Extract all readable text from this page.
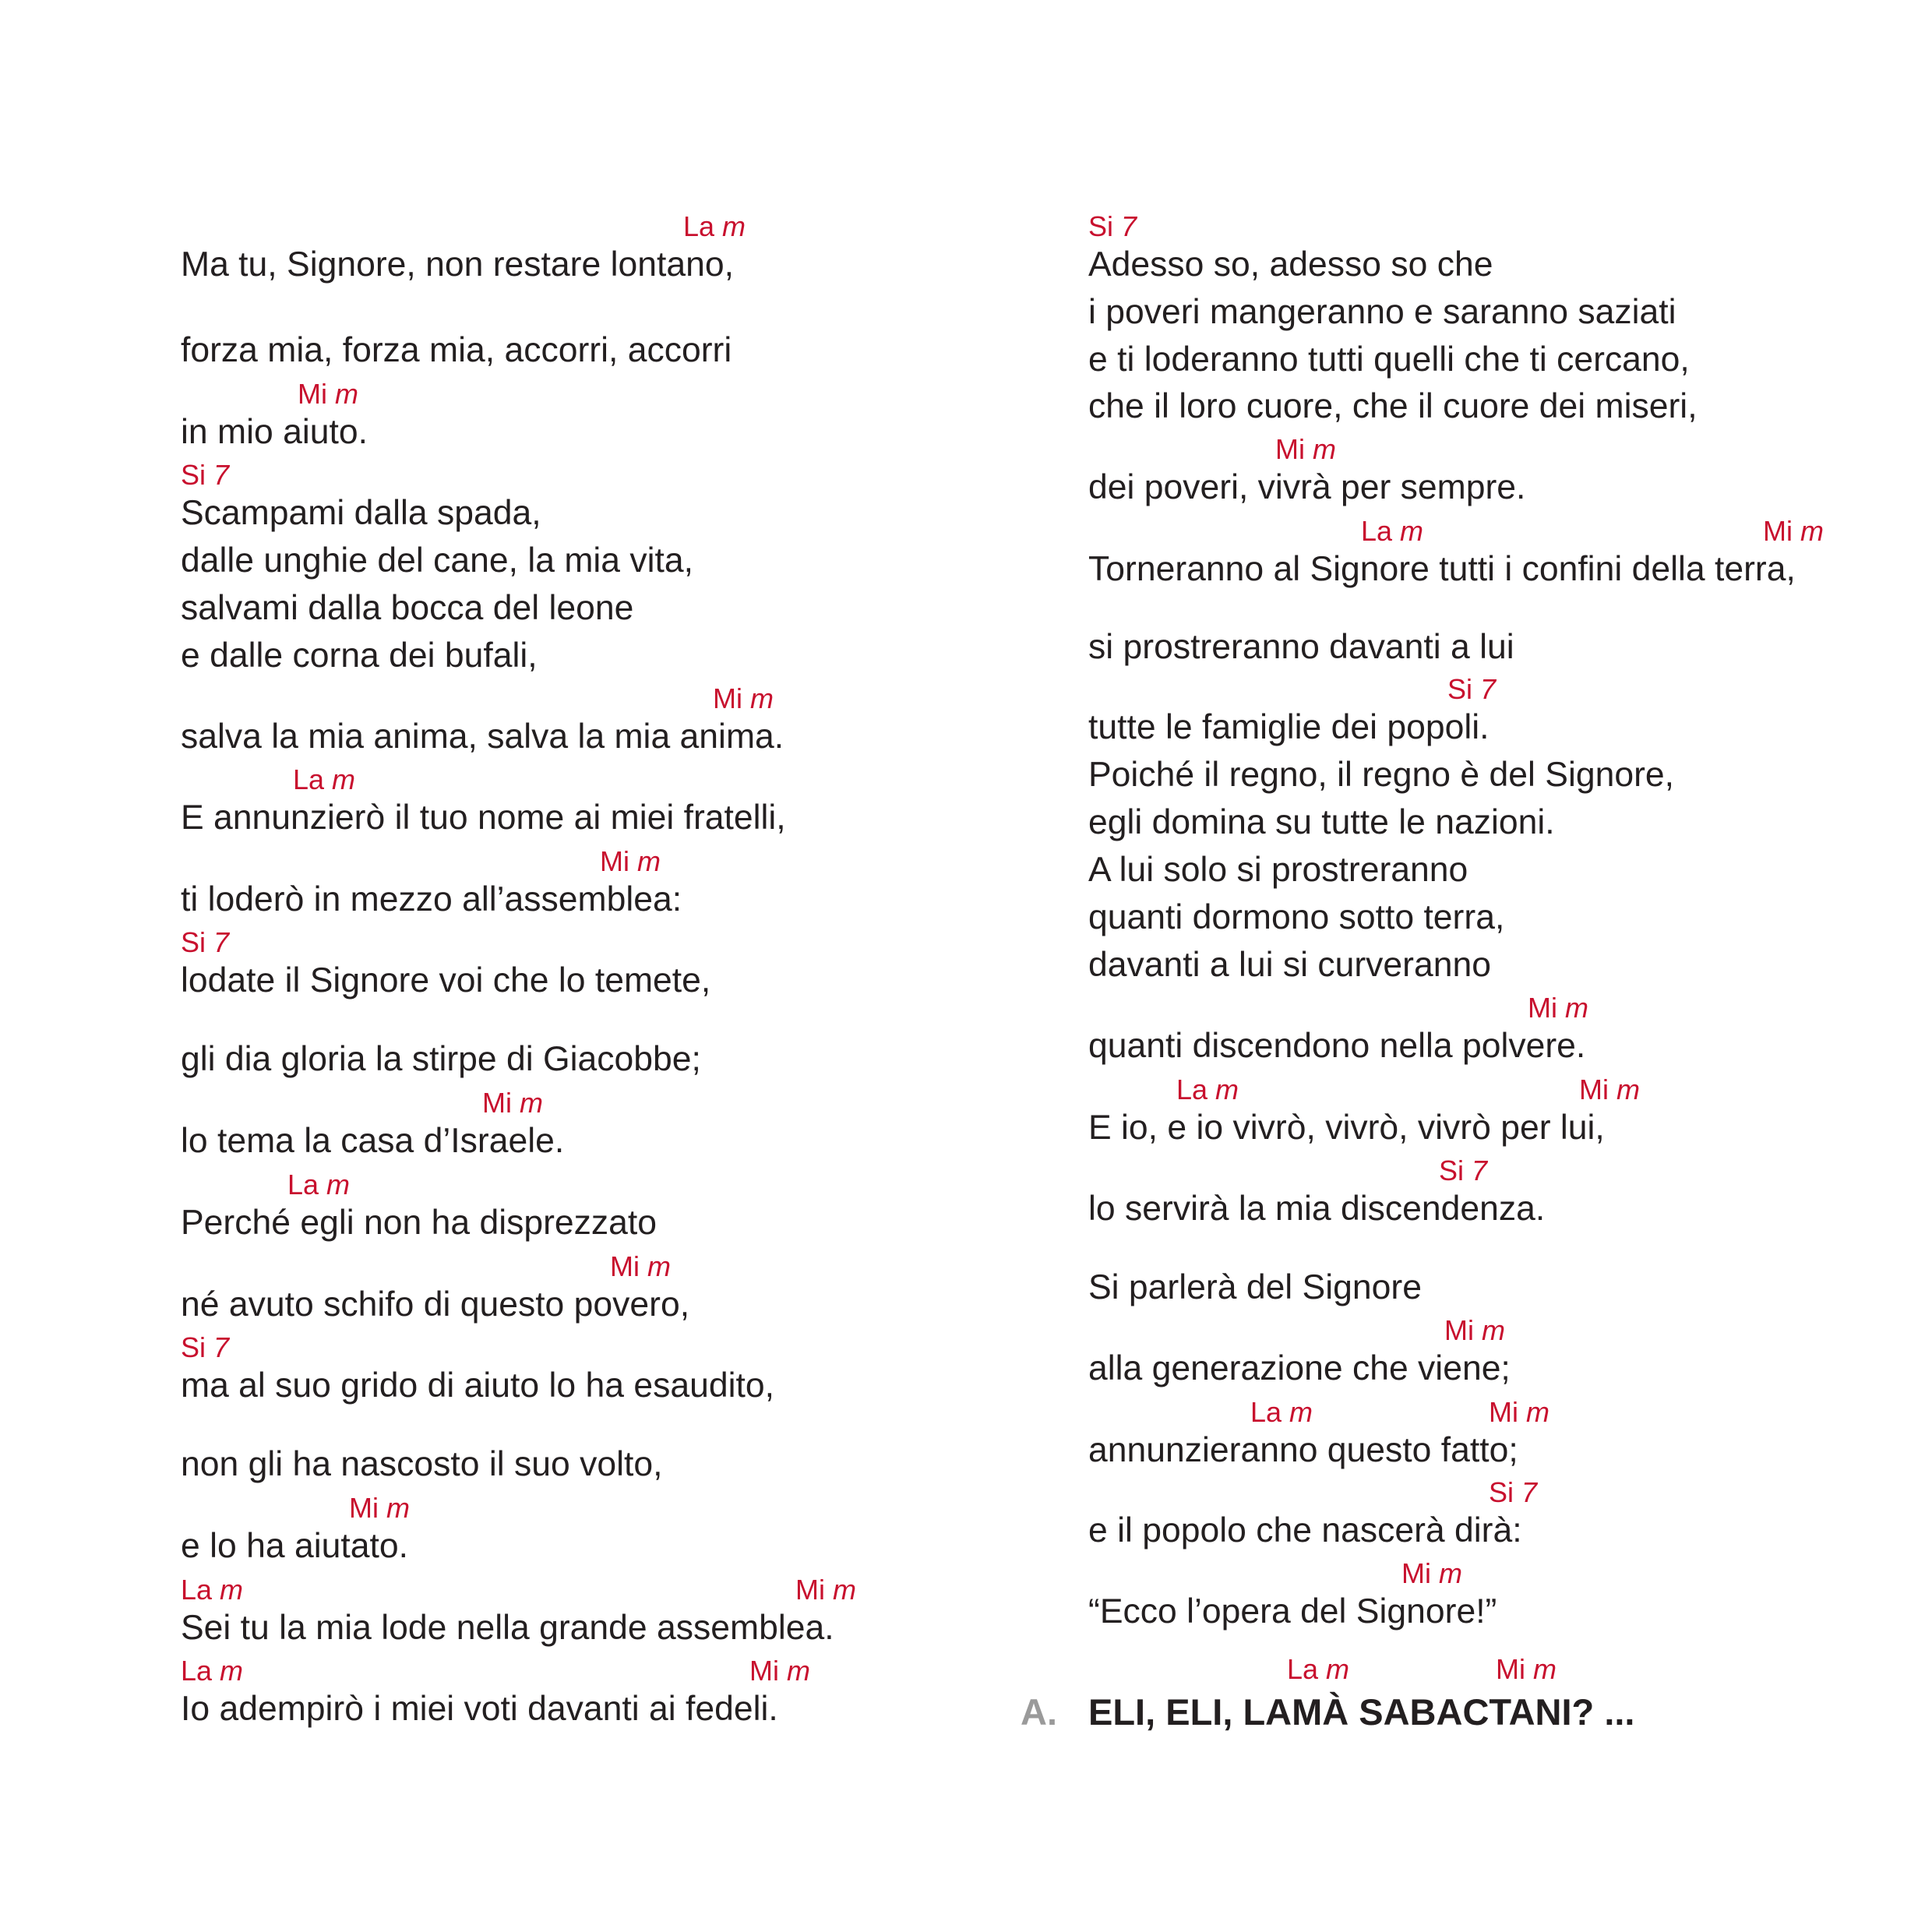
Ma tu, Signore, non restare lontano,
La m
forza mia, forza mia, accorri, accorri
in mio aiuto.
Mi m
Scampami dalla spada,
Si 7
dalle unghie del cane, la mia vita,
salvami dalla bocca del leone
e dalle corna dei bufali,
salva la mia anima, salva la mia anima.
Mi m
E annunzierò il tuo nome ai miei fratelli,
La m
ti loderò in mezzo all’assemblea:
Mi m
lodate il Signore voi che lo temete,
Si 7
gli dia gloria la stirpe di Giacobbe;
lo tema la casa d’Israele.
Mi m
Perché egli non ha disprezzato
La m
né avuto schifo di questo povero,
Mi m
ma al suo grido di aiuto lo ha esaudito,
Si 7
non gli ha nascosto il suo volto,
e lo ha aiutato.
Mi m
Sei tu la mia lode nella grande assemblea.
La m	Mi m
Io adempirò i miei voti davanti ai fedeli.
La m	Mi m
Adesso so, adesso so che
Si 7
i poveri mangeranno e saranno saziati
e ti loderanno tutti quelli che ti cercano,
che il loro cuore, che il cuore dei miseri,
dei poveri, vivrà per sempre.
Mi m
Torneranno al Signore tutti i confini della terra,
La m	Mi m
si prostreranno davanti a lui
tutte le famiglie dei popoli.
Si 7
Poiché il regno, il regno è del Signore,
egli domina su tutte le nazioni.
A lui solo si prostreranno
quanti dormono sotto terra,
davanti a lui si curveranno
quanti discendono nella polvere.
Mi m
E io, e io vivrò, vivrò, vivrò per lui,
La m	Mi m
lo servirà la mia discendenza.
Si 7
Si parlerà del Signore
alla generazione che viene;
Mi m
annunzieranno questo fatto;
La m	Mi m
e il popolo che nascerà dirà:
Si 7
“Ecco l’opera del Signore!”
Mi m
A. ELI, ELI, LAMÀ SABACTANI? ...
La m	Mi m
